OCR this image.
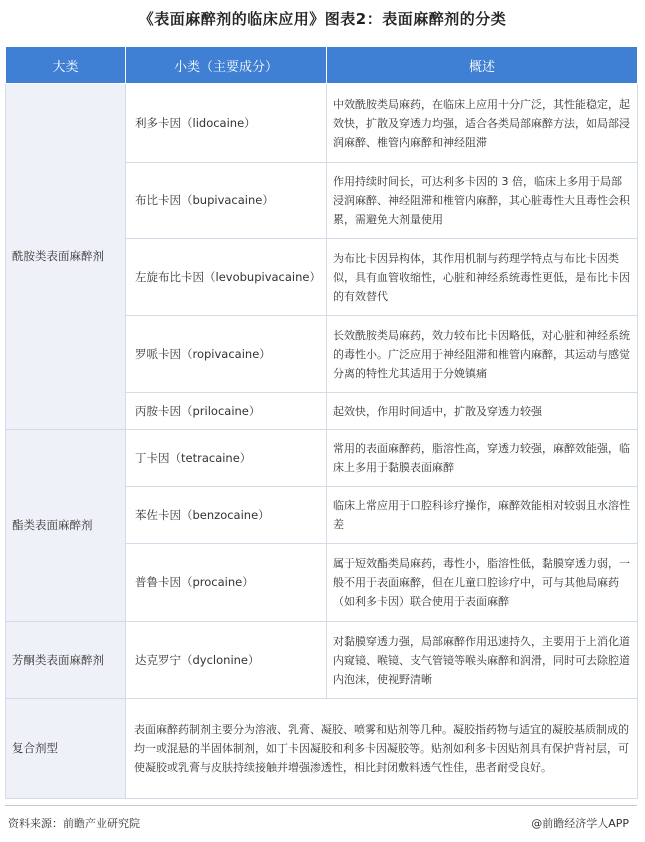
《表面麻醉剂的临床应用》图表2：表面麻醉剂的分类
大类	小类（主要成分）	概述
酰胺类表面麻醉剂	利多卡因（lidocaine）	中效酰胺类局麻药，在临床上应用十分广泛，其性能稳定，起效快，扩散及穿透力均强，适合各类局部麻醉方法，如局部浸润麻醉、椎管内麻醉和神经阻滞
	布比卡因（bupivacaine）	作用持续时间长，可达利多卡因的 3 倍，临床上多用于局部浸润麻醉、神经阻滞和椎管内麻醉，其心脏毒性大且毒性会积累，需避免大剂量使用
	左旋布比卡因（levobupivacaine）	为布比卡因异构体，其作用机制与药理学特点与布比卡因类似，具有血管收缩性，心脏和神经系统毒性更低，是布比卡因的有效替代
	罗哌卡因（ropivacaine）	长效酰胺类局麻药，效力较布比卡因略低，对心脏和神经系统的毒性小。广泛应用于神经阻滞和椎管内麻醉，其运动与感觉分离的特性尤其适用于分娩镇痛
	丙胺卡因（prilocaine）	起效快，作用时间适中，扩散及穿透力较强
酯类表面麻醉剂	丁卡因（tetracaine）	常用的表面麻醉药，脂溶性高，穿透力较强，麻醉效能强，临床上多用于黏膜表面麻醉
	苯佐卡因（benzocaine）	临床上常应用于口腔科诊疗操作，麻醉效能相对较弱且水溶性差
	普鲁卡因（procaine）	属于短效酯类局麻药，毒性小，脂溶性低，黏膜穿透力弱，一般不用于表面麻醉，但在儿童口腔诊疗中，可与其他局麻药（如利多卡因）联合使用于表面麻醉
芳酮类表面麻醉剂	达克罗宁（dyclonine）	对黏膜穿透力强，局部麻醉作用迅速持久，主要用于上消化道内窥镜、喉镜、支气管镜等喉头麻醉和润滑，同时可去除腔道内泡沫，使视野清晰
复合剂型	表面麻醉药制剂主要分为溶液、乳膏、凝胶、喷雾和贴剂等几种。凝胶指药物与适宜的凝胶基质制成的均一或混悬的半固体制剂，如丁卡因凝胶和利多卡因凝胶等。贴剂如利多卡因贴剂具有保护背衬层，可使凝胶或乳膏与皮肤持续接触并增强渗透性，相比封闭敷料透气性佳，患者耐受良好。	
资料来源：前瞻产业研究院	@前瞻经济学人APP
